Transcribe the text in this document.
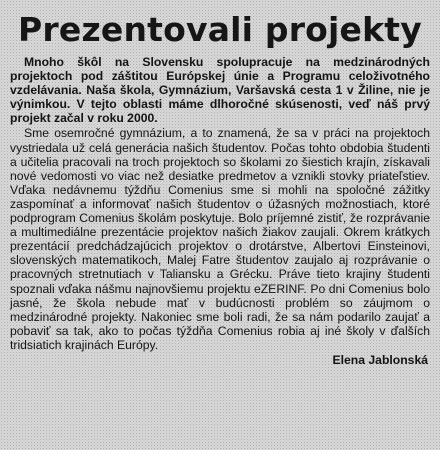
Prezentovali projekty

Mnoho škôl na Slovensku spolupracuje na medzinárodných projektoch pod záštitou Európskej únie a Programu celoživotného vzdelávania. Naša škola, Gymnázium, Varšavská cesta 1 v Žiline, nie je výnimkou. V tejto oblasti máme dlhoročné skúsenosti, veď náš prvý projekt začal v roku 2000.

Sme osemročné gymnázium, a to znamená, že sa v práci na projektoch vystriedala už celá generácia našich študentov. Počas tohto obdobia študenti a učitelia pracovali na troch projektoch so školami zo šiestich krajín, získavali nové vedomosti vo viac než desiatke predmetov a vznikli stovky priateľstiev. Vďaka nedávnemu týždňu Comenius sme si mohli na spoločné zážitky zaspomínať a informovať našich študentov o úžasných možnostiach, ktoré podprogram Comenius školám poskytuje. Bolo príjemné zistiť, že rozprávanie a multimediálne prezentácie projektov našich žiakov zaujali. Okrem krátkych prezentácií predchádzajúcich projektov o drotárstve, Albertovi Einsteinovi, slovenských matematikoch, Malej Fatre študentov zaujalo aj rozprávanie o pracovných stretnutiach v Taliansku a Grécku. Práve tieto krajiny študenti spoznali vďaka nášmu najnovšiemu projektu eZERINF. Po dni Comenius bolo jasné, že škola nebude mať v budúcnosti problém so záujmom o medzinárodné projekty. Nakoniec sme boli radi, že sa nám podarilo zaujať a pobaviť sa tak, ako to počas týždňa Comenius robia aj iné školy v ďalších tridsiatich krajinách Európy.

Elena Jablonská
